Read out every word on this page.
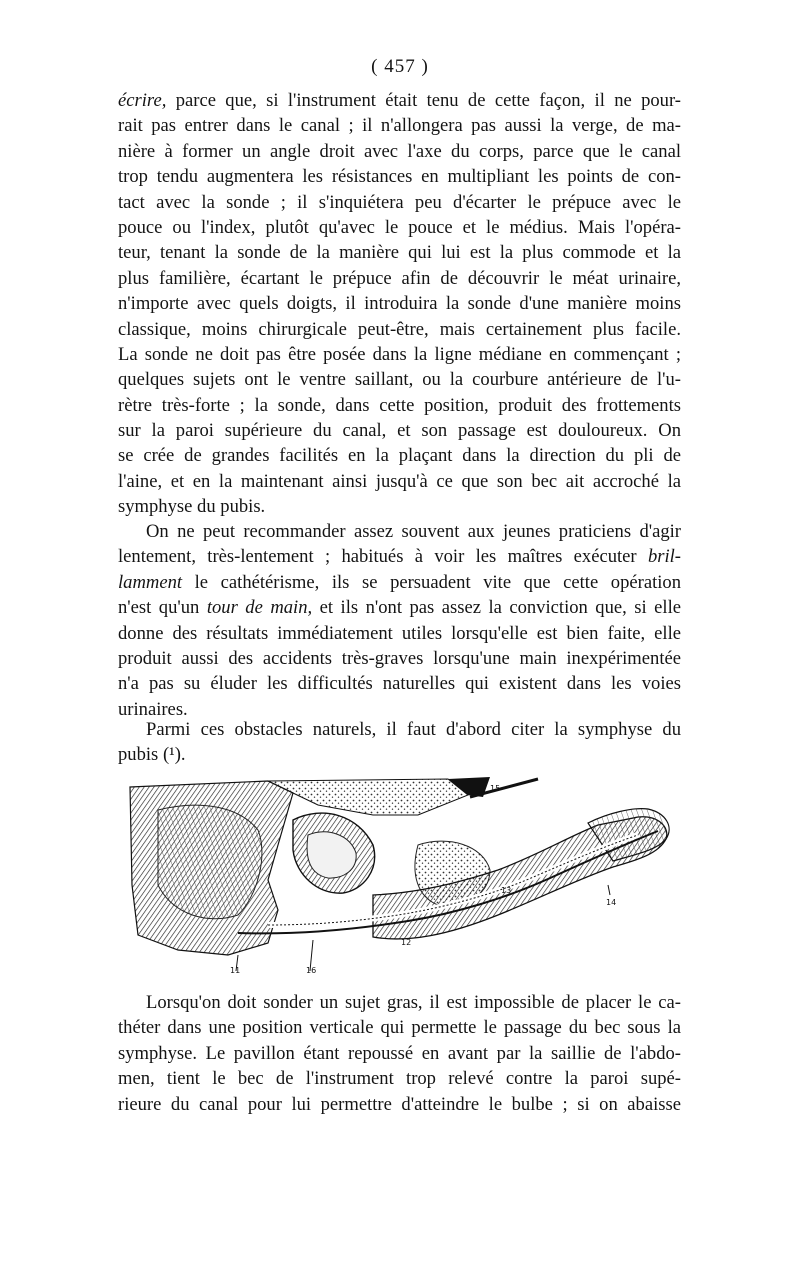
( 457 )
écrire, parce que, si l'instrument était tenu de cette façon, il ne pour-
rait pas entrer dans le canal ; il n'allongera pas aussi la verge, de ma-
nière à former un angle droit avec l'axe du corps, parce que le canal
trop tendu augmentera les résistances en multipliant les points de con-
tact avec la sonde ; il s'inquiétera peu d'écarter le prépuce avec le
pouce ou l'index, plutôt qu'avec le pouce et le médius. Mais l'opéra-
teur, tenant la sonde de la manière qui lui est la plus commode et la
plus familière, écartant le prépuce afin de découvrir le méat urinaire,
n'importe avec quels doigts, il introduira la sonde d'une manière moins
classique, moins chirurgicale peut-être, mais certainement plus facile.
La sonde ne doit pas être posée dans la ligne médiane en commençant ;
quelques sujets ont le ventre saillant, ou la courbure antérieure de l'u-
rètre très-forte ; la sonde, dans cette position, produit des frottements
sur la paroi supérieure du canal, et son passage est douloureux. On
se crée de grandes facilités en la plaçant dans la direction du pli de
l'aine, et en la maintenant ainsi jusqu'à ce que son bec ait accroché la
symphyse du pubis.
On ne peut recommander assez souvent aux jeunes praticiens d'agir
lentement, très-lentement ; habitués à voir les maîtres exécuter bril-
lamment le cathétérisme, ils se persuadent vite que cette opération
n'est qu'un tour de main, et ils n'ont pas assez la conviction que, si elle
donne des résultats immédiatement utiles lorsqu'elle est bien faite, elle
produit aussi des accidents très-graves lorsqu'une main inexpérimentée
n'a pas su éluder les difficultés naturelles qui existent dans les voies
urinaires.
Parmi ces obstacles naturels, il faut d'abord citer la symphyse du
pubis (¹).
15
13
12
14
11	16
Lorsqu'on doit sonder un sujet gras, il est impossible de placer le ca-
théter dans une position verticale qui permette le passage du bec sous la
symphyse. Le pavillon étant repoussé en avant par la saillie de l'abdo-
men, tient le bec de l'instrument trop relevé contre la paroi supé-
rieure du canal pour lui permettre d'atteindre le bulbe ; si on abaisse
